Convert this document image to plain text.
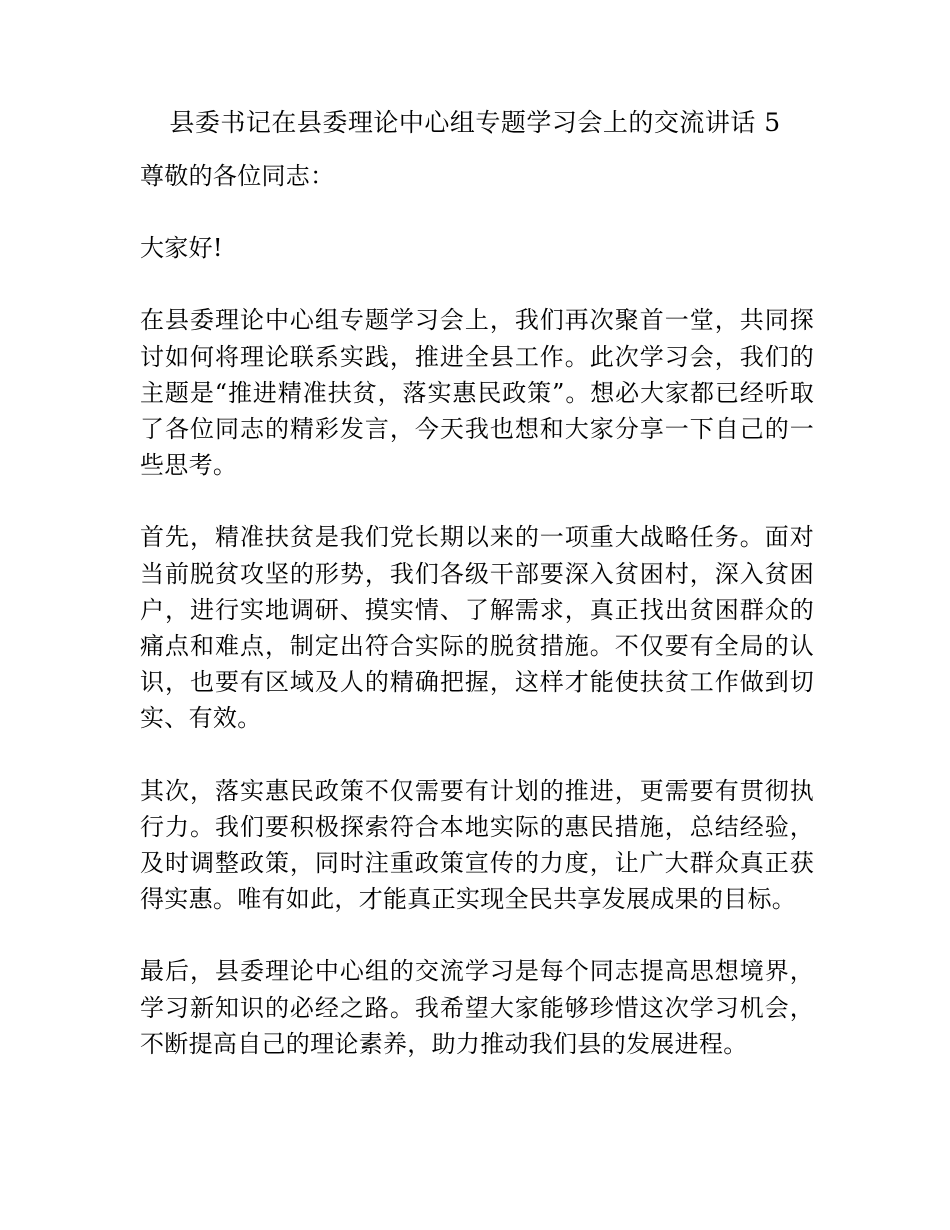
县委书记在县委理论中心组专题学习会上的交流讲话 5

尊敬的各位同志：

大家好!

在县委理论中心组专题学习会上，我们再次聚首一堂，共同探讨如何将理论联系实践，推进全县工作。此次学习会，我们的主题是“推进精准扶贫，落实惠民政策”。想必大家都已经听取了各位同志的精彩发言，今天我也想和大家分享一下自己的一些思考。

首先，精准扶贫是我们党长期以来的一项重大战略任务。面对当前脱贫攻坚的形势，我们各级干部要深入贫困村，深入贫困户，进行实地调研、摸实情、了解需求，真正找出贫困群众的痛点和难点，制定出符合实际的脱贫措施。不仅要有全局的认识，也要有区域及人的精确把握，这样才能使扶贫工作做到切实、有效。

其次，落实惠民政策不仅需要有计划的推进，更需要有贯彻执行力。我们要积极探索符合本地实际的惠民措施，总结经验，及时调整政策，同时注重政策宣传的力度，让广大群众真正获得实惠。唯有如此，才能真正实现全民共享发展成果的目标。

最后，县委理论中心组的交流学习是每个同志提高思想境界，学习新知识的必经之路。我希望大家能够珍惜这次学习机会，不断提高自己的理论素养，助力推动我们县的发展进程。
